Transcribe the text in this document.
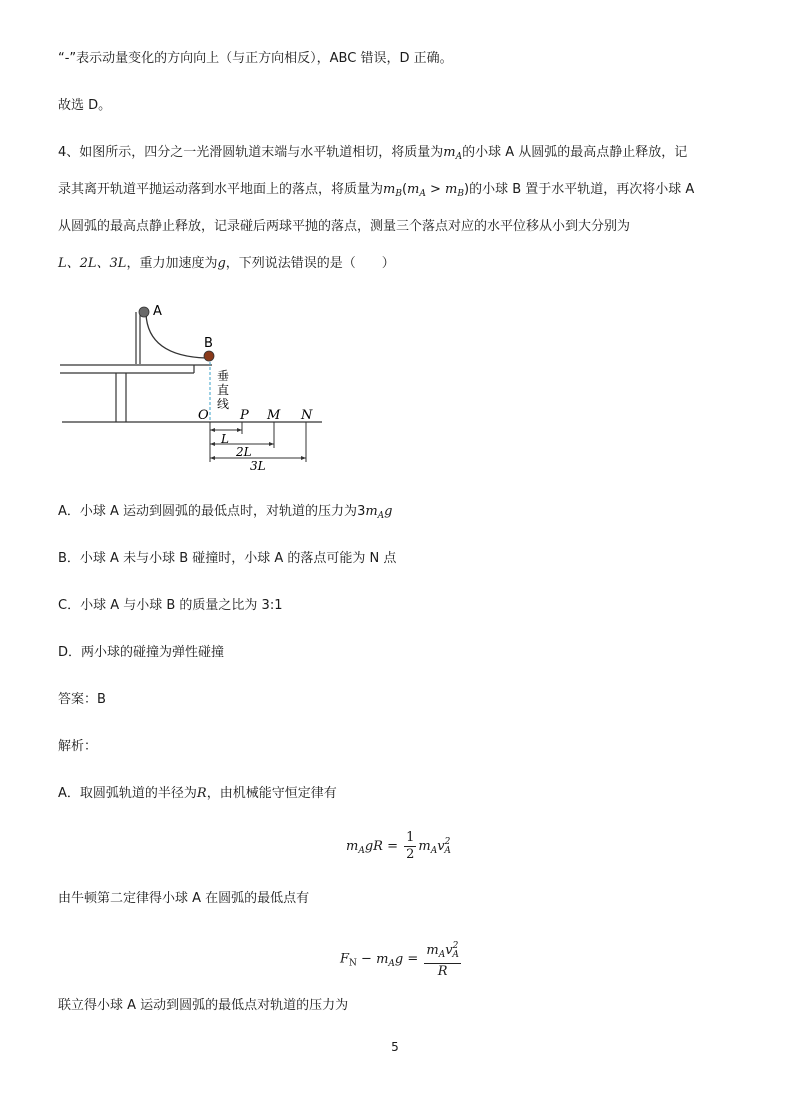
“-”表示动量变化的方向向上（与正方向相反），ABC 错误，D 正确。
故选 D。
4、如图所示，四分之一光滑圆轨道末端与水平轨道相切，将质量为$m_A$的小球 A 从圆弧的最高点静止释放，记
录其离开轨道平抛运动落到水平地面上的落点，将质量为$m_B(m_A > m_B)$的小球 B 置于水平轨道，再次将小球 A
从圆弧的最高点静止释放，记录碰后两球平抛的落点，测量三个落点对应的水平位移从小到大分别为
L、2L、3L，重力加速度为g，下列说法错误的是（　　）
A
B
垂
直
线
O P M N
L
2L
3L
A．小球 A 运动到圆弧的最低点时，对轨道的压力为$3m_Ag$
B．小球 A 未与小球 B 碰撞时，小球 A 的落点可能为 N 点
C．小球 A 与小球 B 的质量之比为 3:1
D．两小球的碰撞为弹性碰撞
答案：B
解析：
A．取圆弧轨道的半径为R，由机械能守恒定律有
$m_AgR = \frac{1}{2} m_Av^2_A$
由牛顿第二定律得小球 A 在圆弧的最低点有
$F_N - m_Ag = \frac{m_Av^2_A}{R}$
联立得小球 A 运动到圆弧的最低点对轨道的压力为
5
